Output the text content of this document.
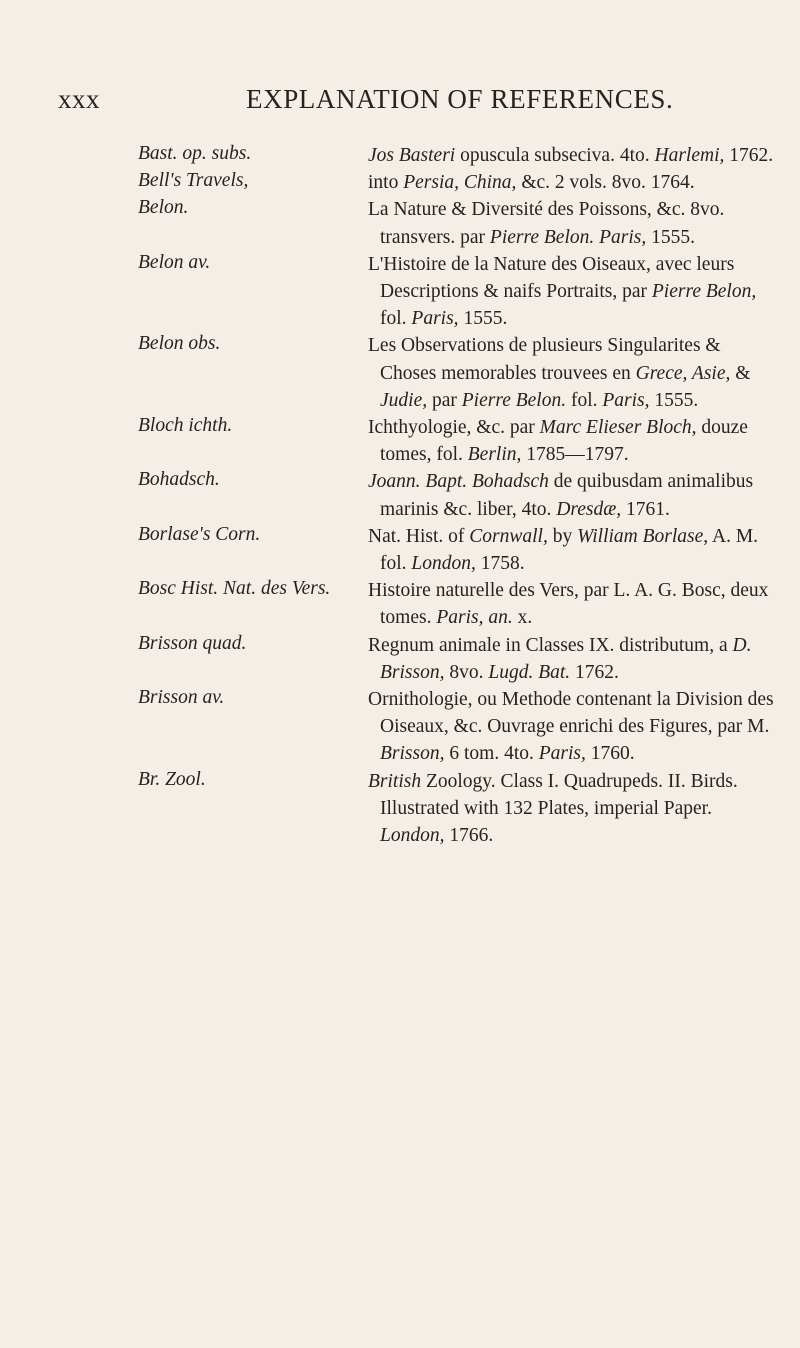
xxx	EXPLANATION OF REFERENCES.
Bast. op. subs.	Jos Basteri opuscula subseciva. 4to. Harlemi, 1762.
Bell's Travels,	into Persia, China, &c. 2 vols. 8vo. 1764.
Belon.	La Nature & Diversité des Poissons, &c. 8vo. transvers. par Pierre Belon. Paris, 1555.
Belon av.	L'Histoire de la Nature des Oiseaux, avec leurs Descriptions & naifs Portraits, par Pierre Belon, fol. Paris, 1555.
Belon obs.	Les Observations de plusieurs Singularites & Choses memorables trouvees en Grece, Asie, & Judie, par Pierre Belon. fol. Paris, 1555.
Bloch ichth.	Ichthyologie, &c. par Marc Elieser Bloch, douze tomes, fol. Berlin, 1785—1797.
Bohadsch.	Joann. Bapt. Bohadsch de quibusdam animalibus marinis &c. liber, 4to. Dresdæ, 1761.
Borlase's Corn.	Nat. Hist. of Cornwall, by William Borlase, A. M. fol. London, 1758.
Bosc Hist. Nat. des Vers.	Histoire naturelle des Vers, par L. A. G. Bosc, deux tomes. Paris, an. x.
Brisson quad.	Regnum animale in Classes IX. distributum, a D. Brisson, 8vo. Lugd. Bat. 1762.
Brisson av.	Ornithologie, ou Methode contenant la Division des Oiseaux, &c. Ouvrage enrichi des Figures, par M. Brisson, 6 tom. 4to. Paris, 1760.
Br. Zool.	British Zoology. Class I. Quadrupeds. II. Birds. Illustrated with 132 Plates, imperial Paper. London, 1766.
